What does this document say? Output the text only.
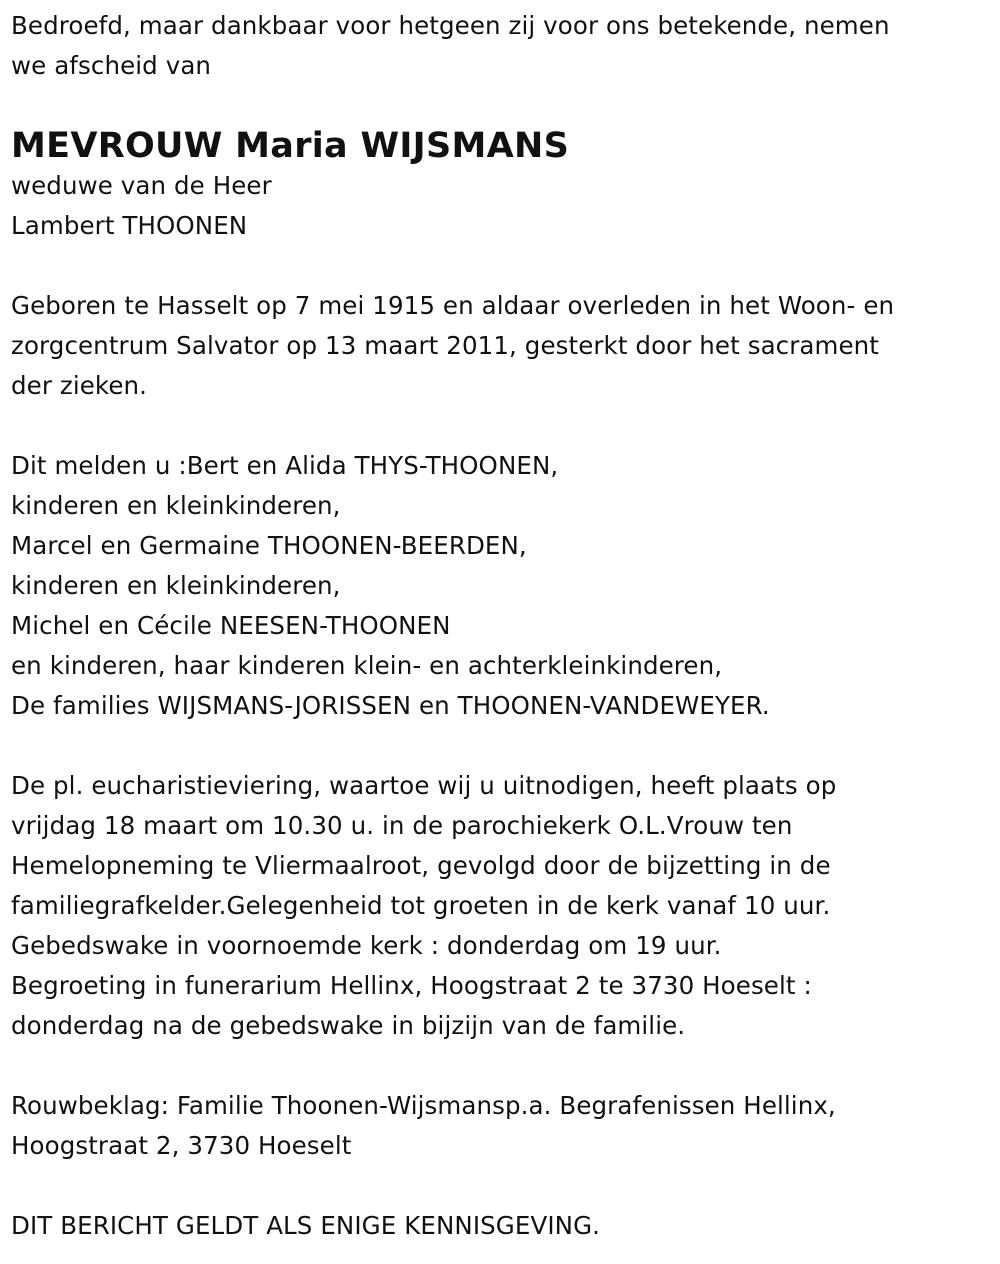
Bedroefd, maar dankbaar voor hetgeen zij voor ons betekende, nemen
we afscheid van
MEVROUW Maria WIJSMANS
weduwe van de Heer
Lambert THOONEN
Geboren te Hasselt op 7 mei 1915 en aldaar overleden in het Woon- en
zorgcentrum Salvator op 13 maart 2011, gesterkt door het sacrament
der zieken.
Dit melden u :Bert en Alida THYS-THOONEN,
kinderen en kleinkinderen,
Marcel en Germaine THOONEN-BEERDEN,
kinderen en kleinkinderen,
Michel en Cécile NEESEN-THOONEN
en kinderen, haar kinderen klein- en achterkleinkinderen,
De families WIJSMANS-JORISSEN en THOONEN-VANDEWEYER.
De pl. eucharistieviering, waartoe wij u uitnodigen, heeft plaats op
vrijdag 18 maart om 10.30 u. in de parochiekerk O.L.Vrouw ten
Hemelopneming te Vliermaalroot, gevolgd door de bijzetting in de
familiegrafkelder.Gelegenheid tot groeten in de kerk vanaf 10 uur.
Gebedswake in voornoemde kerk : donderdag om 19 uur.
Begroeting in funerarium Hellinx, Hoogstraat 2 te 3730 Hoeselt :
donderdag na de gebedswake in bijzijn van de familie.
Rouwbeklag: Familie Thoonen-Wijsmansp.a. Begrafenissen Hellinx,
Hoogstraat 2, 3730 Hoeselt
DIT BERICHT GELDT ALS ENIGE KENNISGEVING.
